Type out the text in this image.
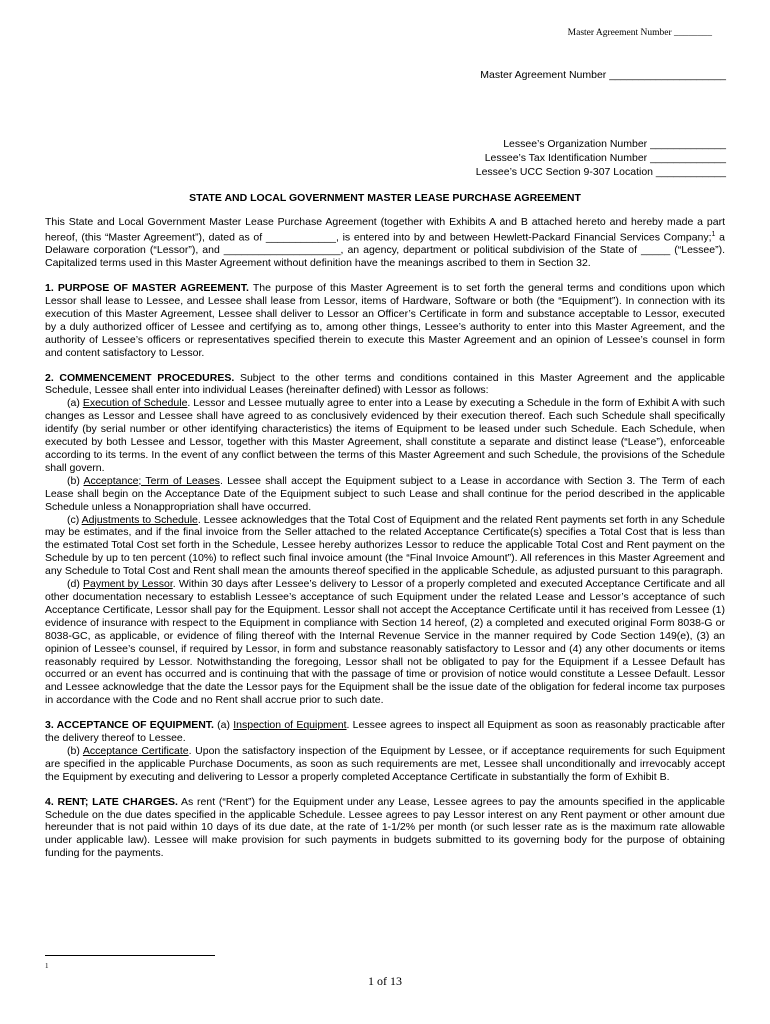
Master Agreement Number ________
Master Agreement Number ____________________
Lessee’s Organization Number _____________
Lessee’s Tax Identification Number _____________
Lessee’s UCC Section 9-307 Location ____________
STATE AND LOCAL GOVERNMENT MASTER LEASE PURCHASE AGREEMENT

This State and Local Government Master Lease Purchase Agreement (together with Exhibits A and B attached hereto and hereby made a part hereof, (this “Master Agreement”), dated as of ____________, is entered into by and between Hewlett-Packard Financial Services Company;$^1$ a Delaware corporation (“Lessor”), and ____________________, an agency, department or political subdivision of the State of _____ (“Lessee”). Capitalized terms used in this Master Agreement without definition have the meanings ascribed to them in Section 32.

1. PURPOSE OF MASTER AGREEMENT. The purpose of this Master Agreement is to set forth the general terms and conditions upon which Lessor shall lease to Lessee, and Lessee shall lease from Lessor, items of Hardware, Software or both (the “Equipment”). In connection with its execution of this Master Agreement, Lessee shall deliver to Lessor an Officer’s Certificate in form and substance acceptable to Lessor, executed by a duly authorized officer of Lessee and certifying as to, among other things, Lessee’s authority to enter into this Master Agreement, and the authority of Lessee’s officers or representatives specified therein to execute this Master Agreement and an opinion of Lessee’s counsel in form and content satisfactory to Lessor.

2. COMMENCEMENT PROCEDURES. Subject to the other terms and conditions contained in this Master Agreement and the applicable Schedule, Lessee shall enter into individual Leases (hereinafter defined) with Lessor as follows:

(a) Execution of Schedule. Lessor and Lessee mutually agree to enter into a Lease by executing a Schedule in the form of Exhibit A with such changes as Lessor and Lessee shall have agreed to as conclusively evidenced by their execution thereof. Each such Schedule shall specifically identify (by serial number or other identifying characteristics) the items of Equipment to be leased under such Schedule. Each Schedule, when executed by both Lessee and Lessor, together with this Master Agreement, shall constitute a separate and distinct lease (“Lease”), enforceable according to its terms. In the event of any conflict between the terms of this Master Agreement and such Schedule, the provisions of the Schedule shall govern.

(b) Acceptance; Term of Leases. Lessee shall accept the Equipment subject to a Lease in accordance with Section 3. The Term of each Lease shall begin on the Acceptance Date of the Equipment subject to such Lease and shall continue for the period described in the applicable Schedule unless a Nonappropriation shall have occurred.

(c) Adjustments to Schedule. Lessee acknowledges that the Total Cost of Equipment and the related Rent payments set forth in any Schedule may be estimates, and if the final invoice from the Seller attached to the related Acceptance Certificate(s) specifies a Total Cost that is less than the estimated Total Cost set forth in the Schedule, Lessee hereby authorizes Lessor to reduce the applicable Total Cost and Rent payment on the Schedule by up to ten percent (10%) to reflect such final invoice amount (the “Final Invoice Amount”). All references in this Master Agreement and any Schedule to Total Cost and Rent shall mean the amounts thereof specified in the applicable Schedule, as adjusted pursuant to this paragraph.

(d) Payment by Lessor. Within 30 days after Lessee’s delivery to Lessor of a properly completed and executed Acceptance Certificate and all other documentation necessary to establish Lessee’s acceptance of such Equipment under the related Lease and Lessor’s acceptance of such Acceptance Certificate, Lessor shall pay for the Equipment. Lessor shall not accept the Acceptance Certificate until it has received from Lessee (1) evidence of insurance with respect to the Equipment in compliance with Section 14 hereof, (2) a completed and executed original Form 8038-G or 8038-GC, as applicable, or evidence of filing thereof with the Internal Revenue Service in the manner required by Code Section 149(e), (3) an opinion of Lessee’s counsel, if required by Lessor, in form and substance reasonably satisfactory to Lessor and (4) any other documents or items reasonably required by Lessor. Notwithstanding the foregoing, Lessor shall not be obligated to pay for the Equipment if a Lessee Default has occurred or an event has occurred and is continuing that with the passage of time or provision of notice would constitute a Lessee Default. Lessor and Lessee acknowledge that the date the Lessor pays for the Equipment shall be the issue date of the obligation for federal income tax purposes in accordance with the Code and no Rent shall accrue prior to such date.

3. ACCEPTANCE OF EQUIPMENT. (a) Inspection of Equipment. Lessee agrees to inspect all Equipment as soon as reasonably practicable after the delivery thereof to Lessee.

(b) Acceptance Certificate. Upon the satisfactory inspection of the Equipment by Lessee, or if acceptance requirements for such Equipment are specified in the applicable Purchase Documents, as soon as such requirements are met, Lessee shall unconditionally and irrevocably accept the Equipment by executing and delivering to Lessor a properly completed Acceptance Certificate in substantially the form of Exhibit B.

4. RENT; LATE CHARGES. As rent (“Rent”) for the Equipment under any Lease, Lessee agrees to pay the amounts specified in the applicable Schedule on the due dates specified in the applicable Schedule. Lessee agrees to pay Lessor interest on any Rent payment or other amount due hereunder that is not paid within 10 days of its due date, at the rate of 1-1/2% per month (or such lesser rate as is the maximum rate allowable under applicable law). Lessee will make provision for such payments in budgets submitted to its governing body for the purpose of obtaining funding for the payments.

1
1 of 13
